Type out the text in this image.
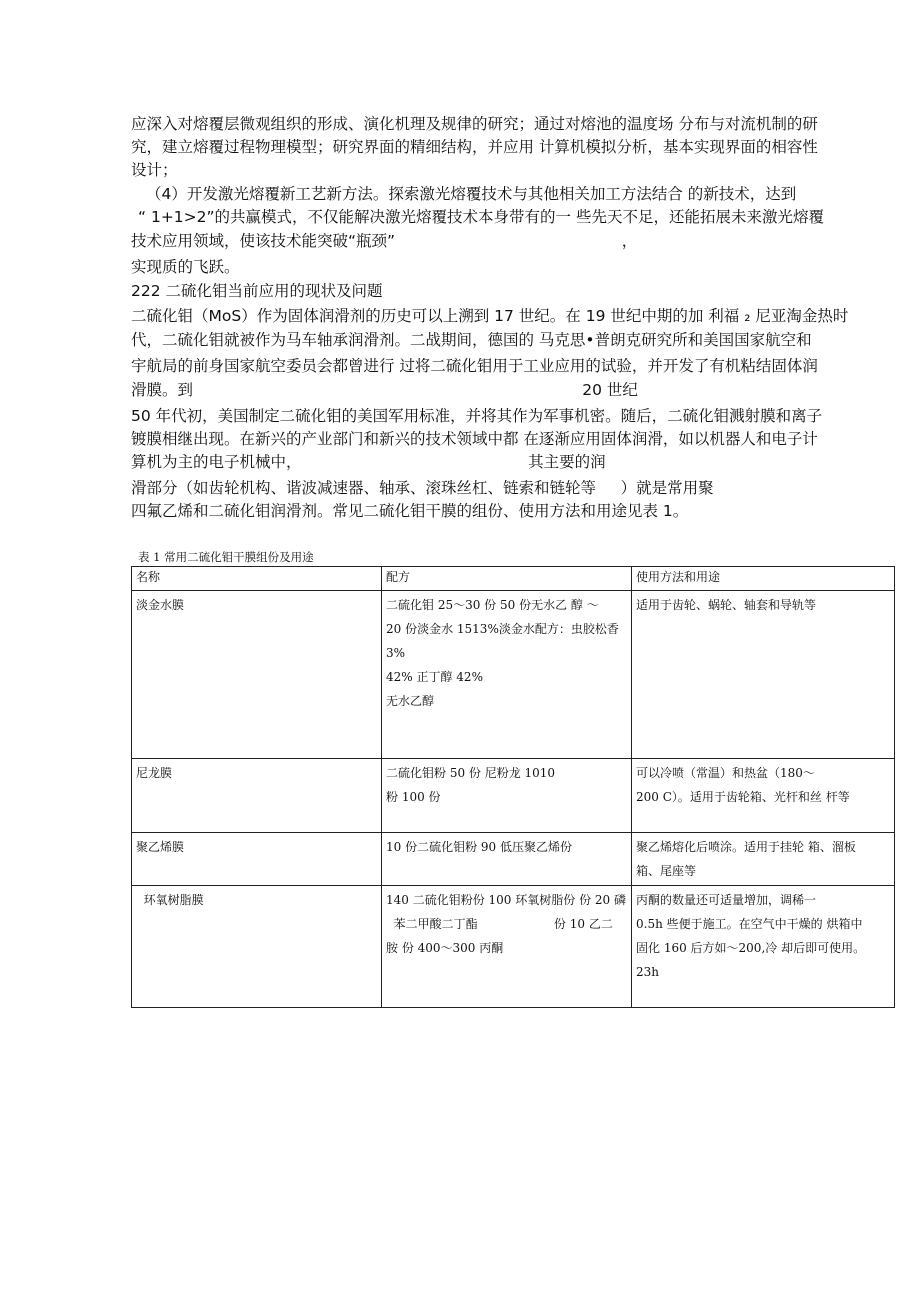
应深入对熔覆层微观组织的形成、演化机理及规律的研究；通过对熔池的温度场 分布与对流机制的研
究，建立熔覆过程物理模型；研究界面的精细结构，并应用 计算机模拟分析，基本实现界面的相容性
设计；
（4）开发激光熔覆新工艺新方法。探索激光熔覆技术与其他相关加工方法结合 的新技术，达到
“ 1+1>2”的共赢模式，不仅能解决激光熔覆技术本身带有的一 些先天不足，还能拓展未来激光熔覆
技术应用领域，使该技术能突破“瓶颈”                                              ，
实现质的飞跃。
222 二硫化钼当前应用的现状及问题
二硫化钼（MoS）作为固体润滑剂的历史可以上溯到 17 世纪。在 19 世纪中期的加 利福 ₂ 尼亚淘金热时
代，二硫化钼就被作为马车轴承润滑剂。二战期间，德国的 马克思•普朗克研究所和美国国家航空和
宇航局的前身国家航空委员会都曾进行 过将二硫化钼用于工业应用的试验，并开发了有机粘结固体润
滑膜。到                                                                               20 世纪
50 年代初，美国制定二硫化钼的美国军用标准，并将其作为军事机密。随后，二硫化钼溅射膜和离子
镀膜相继出现。在新兴的产业部门和新兴的技术领域中都 在逐渐应用固体润滑，如以机器人和电子计
算机为主的电子机械中，                                              其主要的润
滑部分（如齿轮机构、谐波减速器、轴承、滚珠丝杠、链索和链轮等     ）就是常用聚
四氟乙烯和二硫化钼润滑剂。常见二硫化钼干膜的组份、使用方法和用途见表 1。
表 1 常用二硫化钼干膜组份及用途
名称	配方	使用方法和用途

淡金水膜	二硫化钼 25～30 份 50 份无水乙 醇 ～
20 份淡金水 1513%淡金水配方：虫胶松香
3%
42% 正丁醇 42%
无水乙醇	适用于齿轮、蜗轮、轴套和导轨等

尼龙膜	二硫化钼粉 50 份 尼粉龙 1010
粉 100 份	可以冷喷（常温）和热盆（180～
200 C）。适用于齿轮箱、光杆和丝 杆等

聚乙烯膜	10 份二硫化钼粉 90 低压聚乙烯份	聚乙烯熔化后喷涂。适用于挂轮 箱、溜板
箱、尾座等

环氧树脂膜	140 二硫化钼粉份 100 环氧树脂份 份 20 磷
苯二甲酸二丁酯                    份 10 乙二
胺 份 400～300 丙酮	丙酮的数量还可适量增加，调稀一
0.5h 些便于施工。在空气中干燥的 烘箱中
固化 160 后方如～200,冷 却后即可使用。
23h
